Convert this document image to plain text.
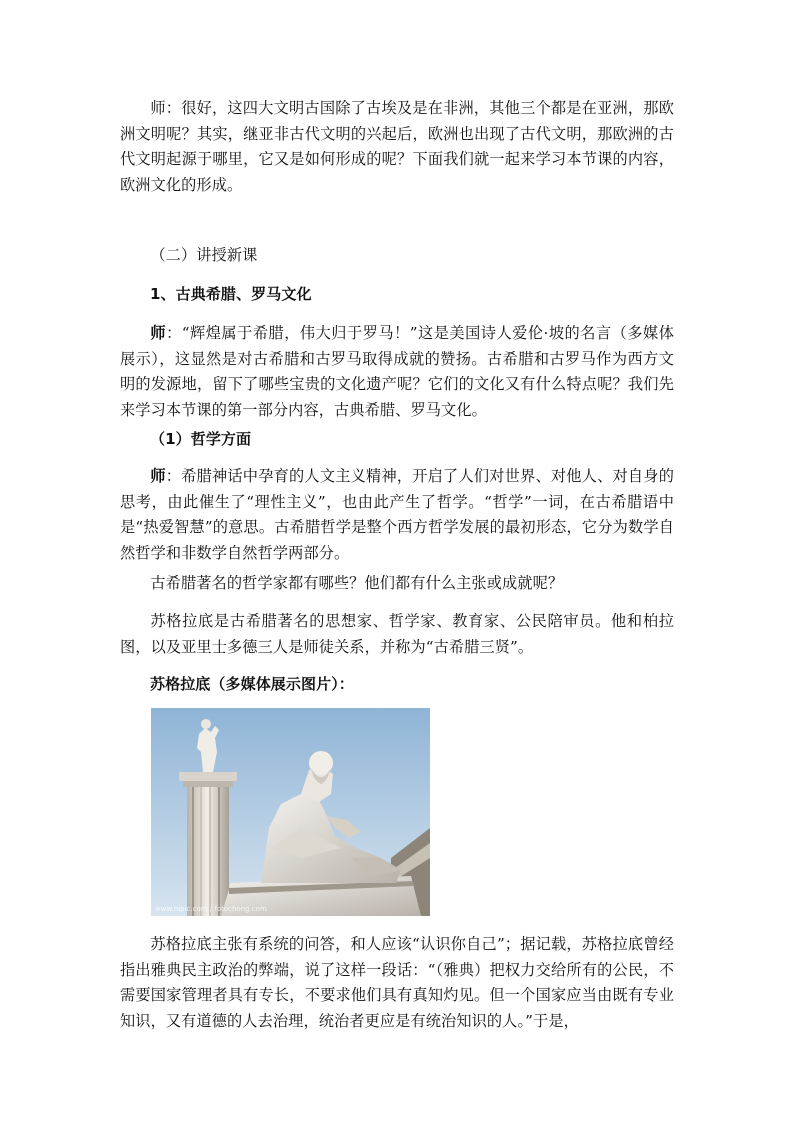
师：很好，这四大文明古国除了古埃及是在非洲，其他三个都是在亚洲，那欧洲文明呢？其实，继亚非古代文明的兴起后，欧洲也出现了古代文明，那欧洲的古代文明起源于哪里，它又是如何形成的呢？下面我们就一起来学习本节课的内容，欧洲文化的形成。

（二）讲授新课

1、古典希腊、罗马文化

师：“辉煌属于希腊，伟大归于罗马！”这是美国诗人爱伦·坡的名言（多媒体展示），这显然是对古希腊和古罗马取得成就的赞扬。古希腊和古罗马作为西方文明的发源地，留下了哪些宝贵的文化遗产呢？它们的文化又有什么特点呢？我们先来学习本节课的第一部分内容，古典希腊、罗马文化。

（1）哲学方面

师：希腊神话中孕育的人文主义精神，开启了人们对世界、对他人、对自身的思考，由此催生了“理性主义”，也由此产生了哲学。“哲学”一词，在古希腊语中是“热爱智慧”的意思。古希腊哲学是整个西方哲学发展的最初形态，它分为数学自然哲学和非数学自然哲学两部分。

古希腊著名的哲学家都有哪些？他们都有什么主张或成就呢？

苏格拉底是古希腊著名的思想家、哲学家、教育家、公民陪审员。他和柏拉图，以及亚里士多德三人是师徒关系，并称为“古希腊三贤”。

苏格拉底（多媒体展示图片）：

www.nipic.com / fotochong.com

苏格拉底主张有系统的问答，和人应该“认识你自己”；据记载，苏格拉底曾经指出雅典民主政治的弊端，说了这样一段话：“（雅典）把权力交给所有的公民，不需要国家管理者具有专长，不要求他们具有真知灼见。但一个国家应当由既有专业知识，又有道德的人去治理，统治者更应是有统治知识的人。”于是，
